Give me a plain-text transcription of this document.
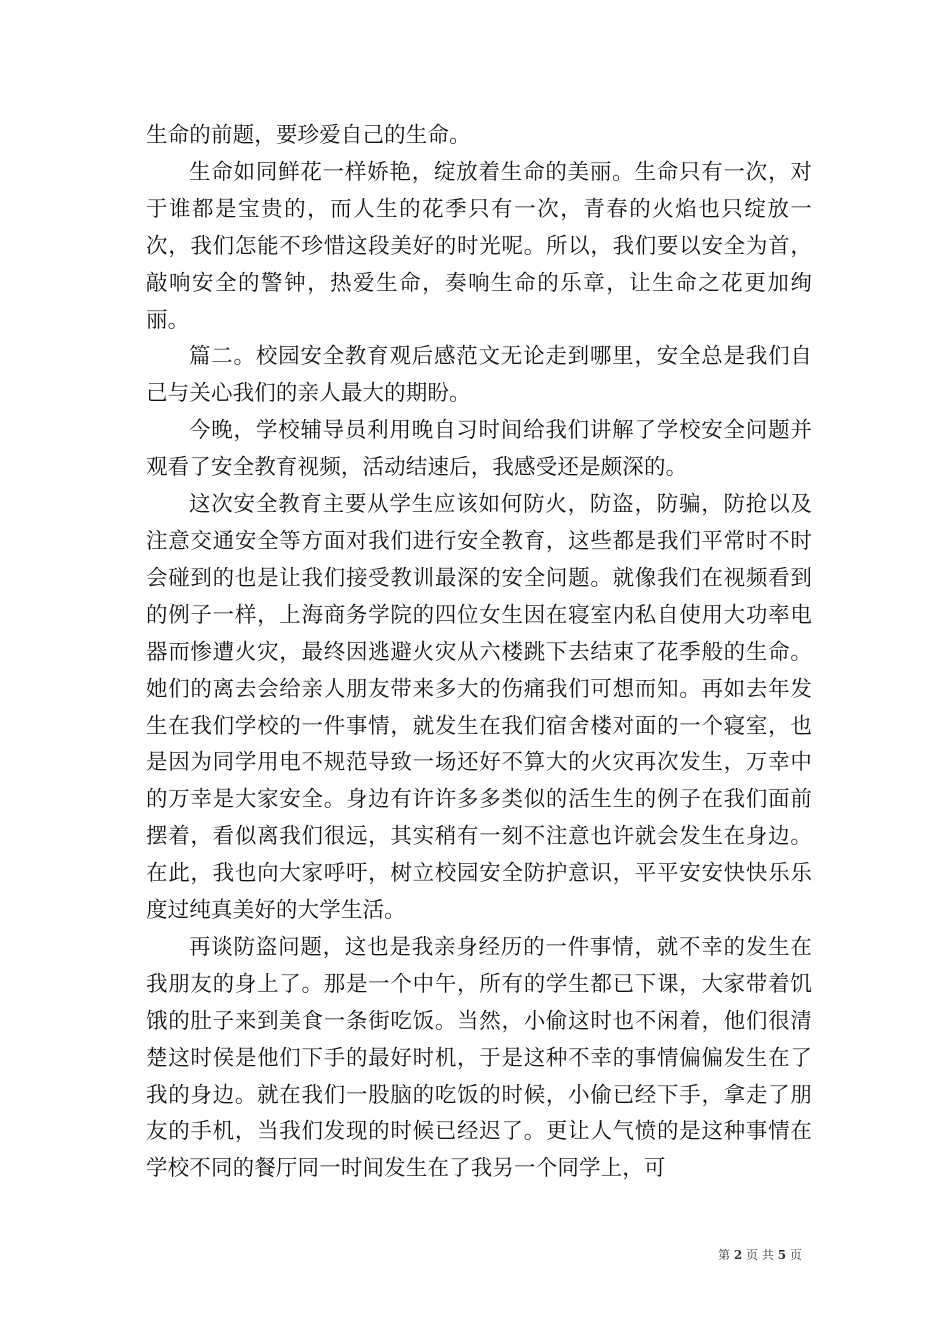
生命的前题，要珍爱自己的生命。

生命如同鲜花一样娇艳，绽放着生命的美丽。生命只有一次，对于谁都是宝贵的，而人生的花季只有一次，青春的火焰也只绽放一次，我们怎能不珍惜这段美好的时光呢。所以，我们要以安全为首，敲响安全的警钟，热爱生命，奏响生命的乐章，让生命之花更加绚丽。

篇二。校园安全教育观后感范文无论走到哪里，安全总是我们自己与关心我们的亲人最大的期盼。

今晚，学校辅导员利用晚自习时间给我们讲解了学校安全问题并观看了安全教育视频，活动结速后，我感受还是颇深的。

这次安全教育主要从学生应该如何防火，防盗，防骗，防抢以及注意交通安全等方面对我们进行安全教育，这些都是我们平常时不时会碰到的也是让我们接受教训最深的安全问题。就像我们在视频看到的例子一样，上海商务学院的四位女生因在寝室内私自使用大功率电器而惨遭火灾，最终因逃避火灾从六楼跳下去结束了花季般的生命。她们的离去会给亲人朋友带来多大的伤痛我们可想而知。再如去年发生在我们学校的一件事情，就发生在我们宿舍楼对面的一个寝室，也是因为同学用电不规范导致一场还好不算大的火灾再次发生，万幸中的万幸是大家安全。身边有许许多多类似的活生生的例子在我们面前摆着，看似离我们很远，其实稍有一刻不注意也许就会发生在身边。在此，我也向大家呼吁，树立校园安全防护意识，平平安安快快乐乐度过纯真美好的大学生活。

再谈防盗问题，这也是我亲身经历的一件事情，就不幸的发生在我朋友的身上了。那是一个中午，所有的学生都已下课，大家带着饥饿的肚子来到美食一条街吃饭。当然，小偷这时也不闲着，他们很清楚这时侯是他们下手的最好时机，于是这种不幸的事情偏偏发生在了我的身边。就在我们一股脑的吃饭的时候，小偷已经下手，拿走了朋友的手机，当我们发现的时候已经迟了。更让人气愤的是这种事情在学校不同的餐厅同一时间发生在了我另一个同学上，可

第 2 页 共 5 页
